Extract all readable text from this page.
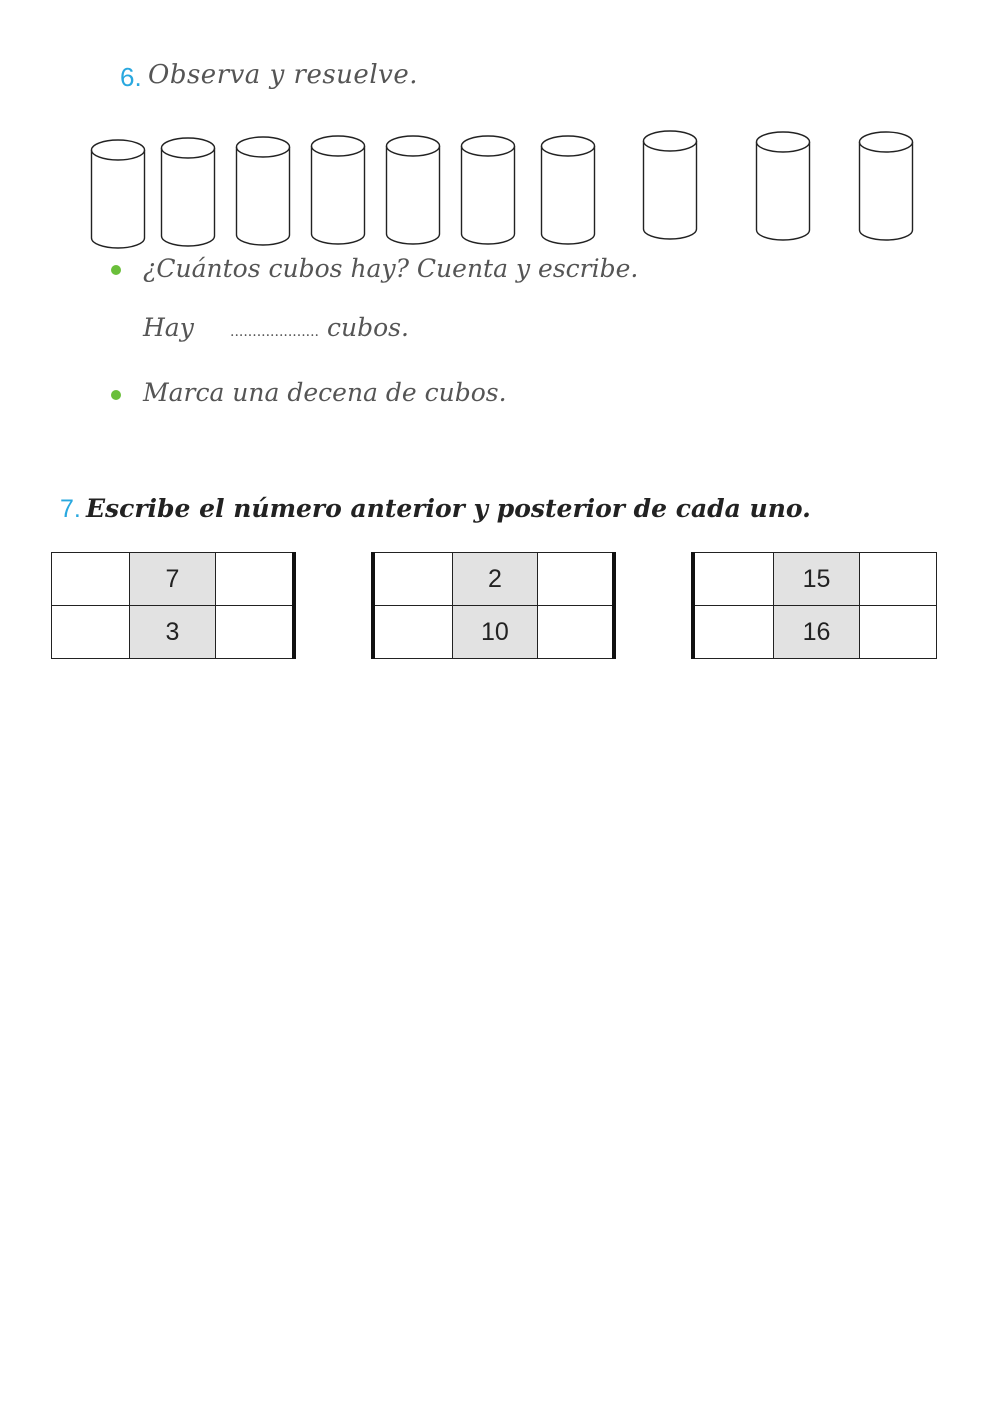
6. Observa y resuelve.
¿Cuántos cubos hay? Cuenta y escribe.
Hay	.................... cubos.
Marca una decena de cubos.
7. Escribe el número anterior y posterior de cada uno.
	7	
	3	
	2	
	10	
	15	
	16	
